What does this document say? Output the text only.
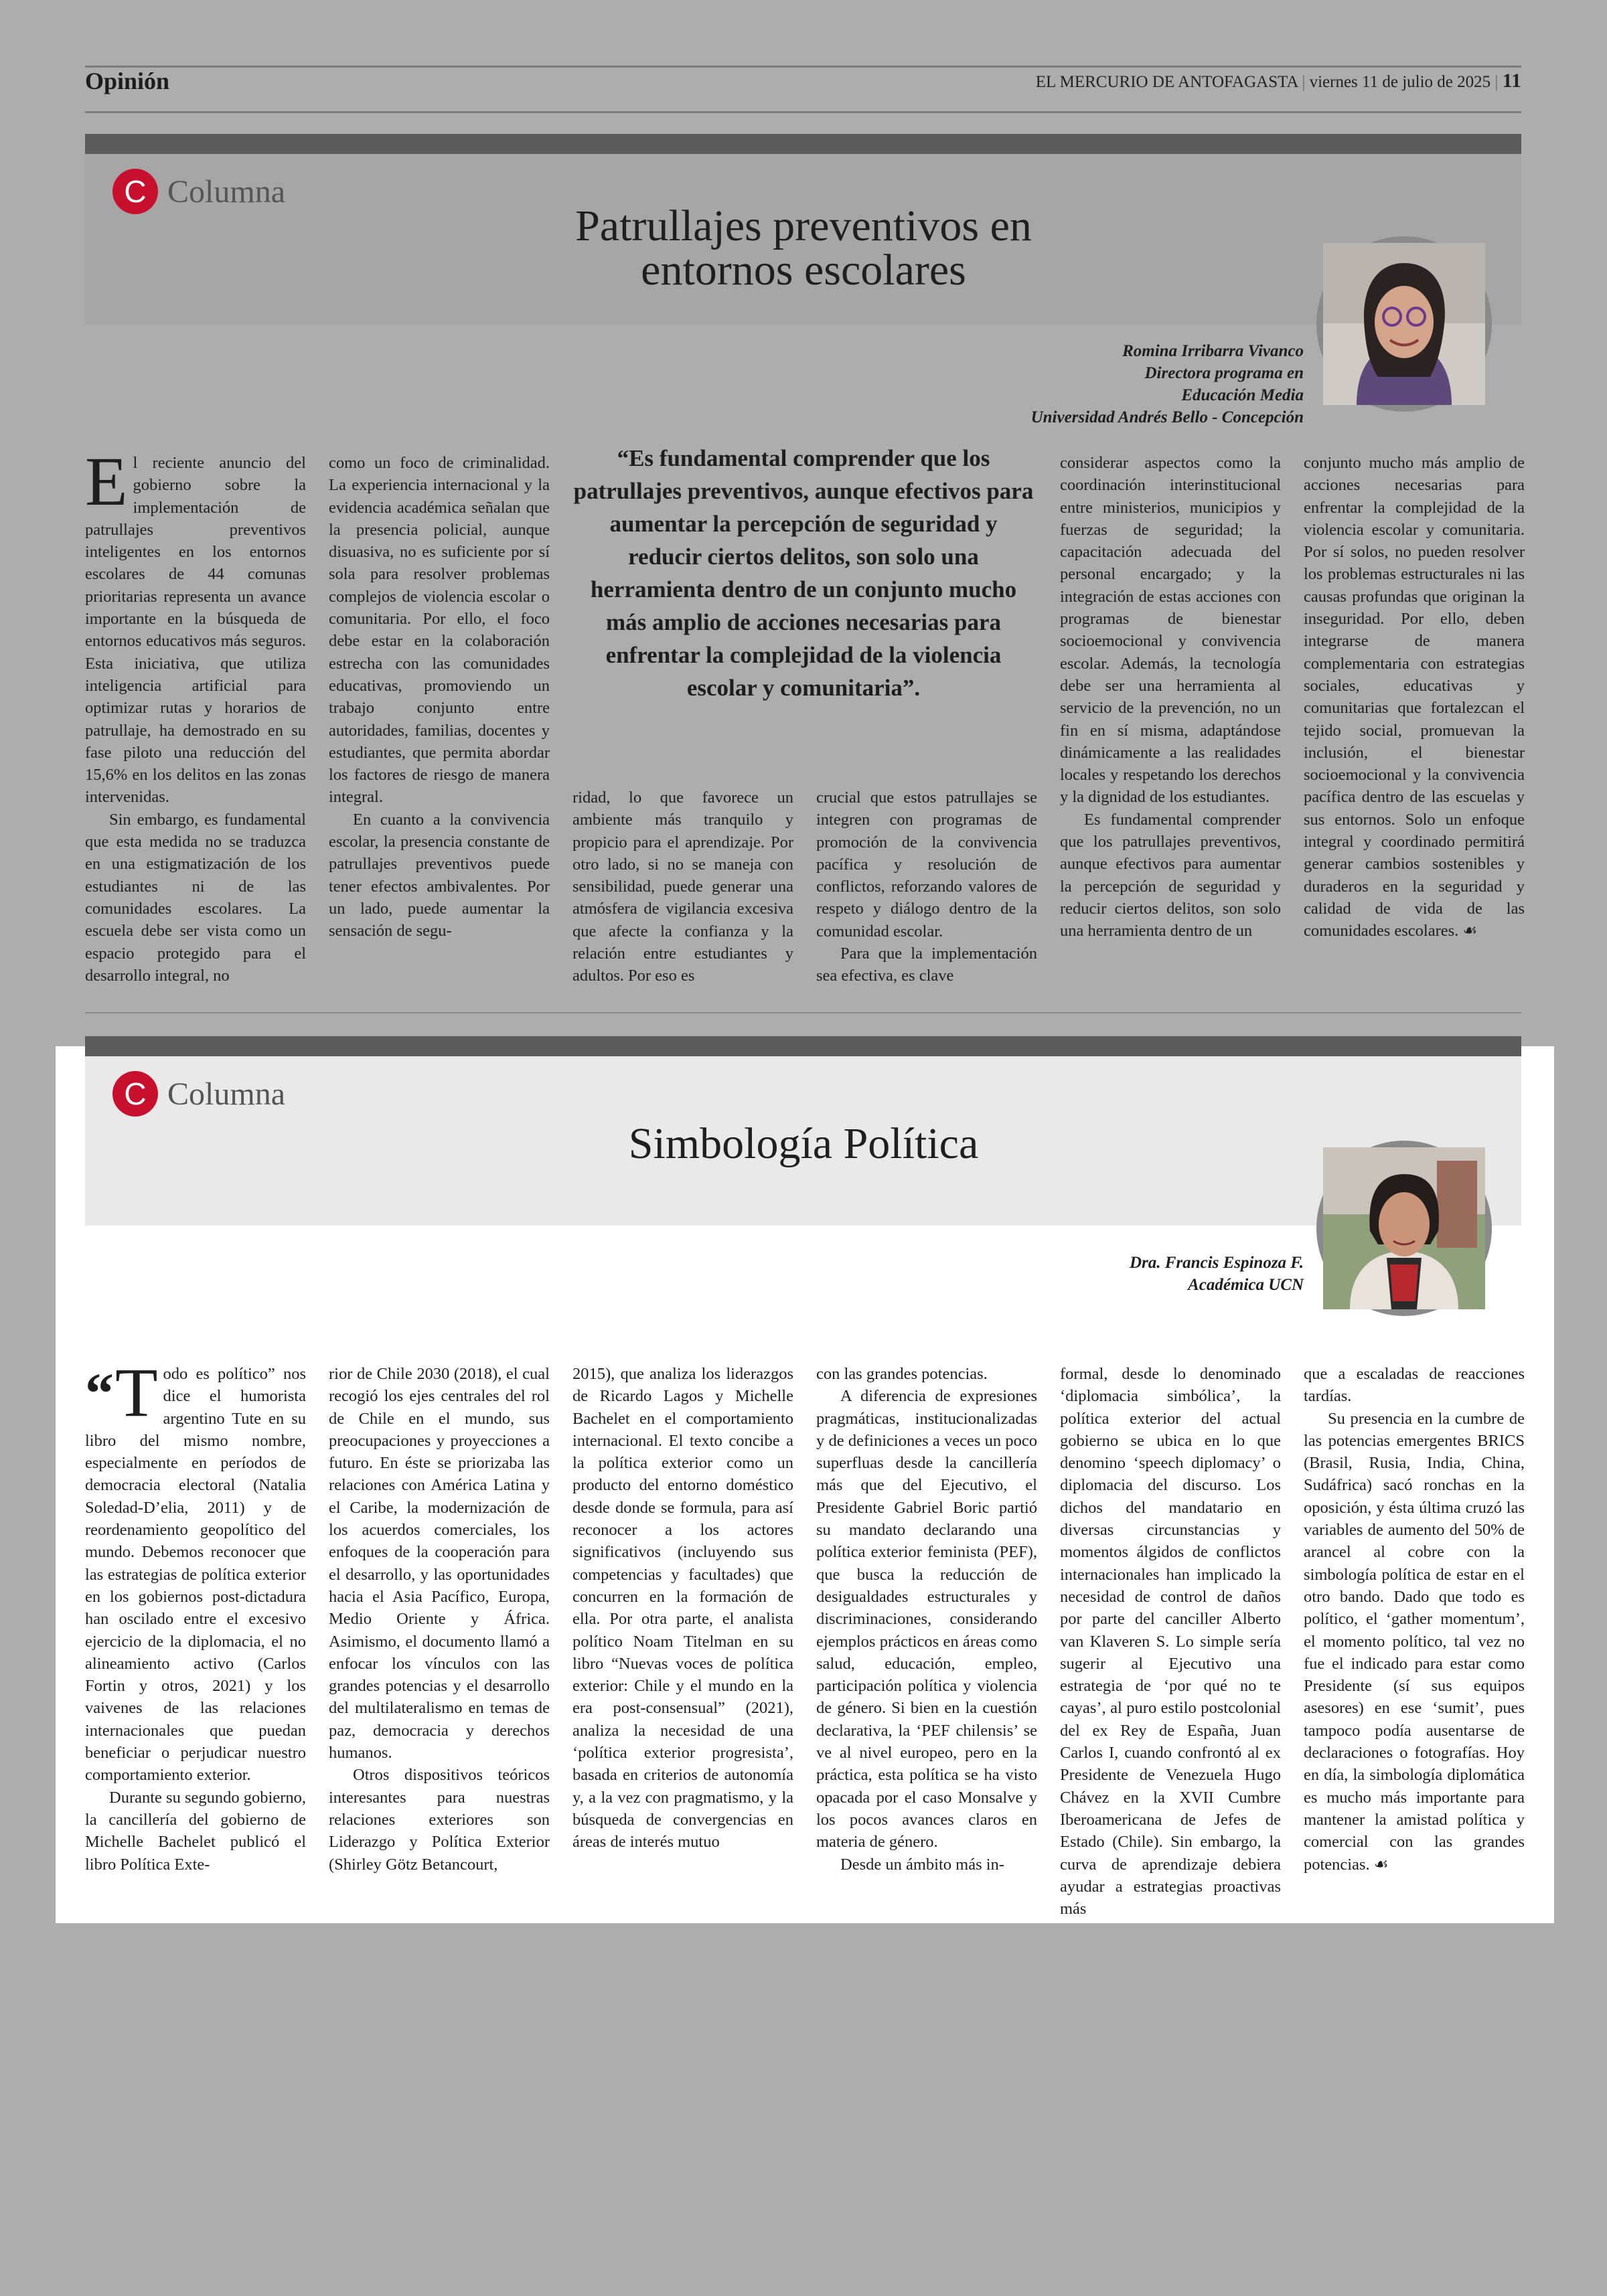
Opinión	EL MERCURIO DE ANTOFAGASTA | viernes 11 de julio de 2025 | 11
C Columna
Patrullajes preventivos en
entornos escolares
Romina Irribarra Vivanco
Directora programa en
Educación Media
Universidad Andrés Bello - Concepción

El reciente anuncio del gobierno sobre la implementación de patrullajes preventivos inteligentes en los entornos escolares de 44 comunas prioritarias representa un avance importante en la búsqueda de entornos educativos más seguros. Esta iniciativa, que utiliza inteligencia artificial para optimizar rutas y horarios de patrullaje, ha demostrado en su fase piloto una reducción del 15,6% en los delitos en las zonas intervenidas.

Sin embargo, es fundamental que esta medida no se traduzca en una estigmatización de los estudiantes ni de las comunidades escolares. La escuela debe ser vista como un espacio protegido para el desarrollo integral, no

como un foco de criminalidad. La experiencia internacional y la evidencia académica señalan que la presencia policial, aunque disuasiva, no es suficiente por sí sola para resolver problemas complejos de violencia escolar o comunitaria. Por ello, el foco debe estar en la colaboración estrecha con las comunidades educativas, promoviendo un trabajo conjunto entre autoridades, familias, docentes y estudiantes, que permita abordar los factores de riesgo de manera integral.

En cuanto a la convivencia escolar, la presencia constante de patrullajes preventivos puede tener efectos ambivalentes. Por un lado, puede aumentar la sensación de segu-

“Es fundamental comprender que los patrullajes preventivos, aunque efectivos para aumentar la percepción de seguridad y reducir ciertos delitos, son solo una herramienta dentro de un conjunto mucho más amplio de acciones necesarias para enfrentar la complejidad de la violencia escolar y comunitaria”.

ridad, lo que favorece un ambiente más tranquilo y propicio para el aprendizaje. Por otro lado, si no se maneja con sensibilidad, puede generar una atmósfera de vigilancia excesiva que afecte la confianza y la relación entre estudiantes y adultos. Por eso es

crucial que estos patrullajes se integren con programas de promoción de la convivencia pacífica y resolución de conflictos, reforzando valores de respeto y diálogo dentro de la comunidad escolar.

Para que la implementación sea efectiva, es clave

considerar aspectos como la coordinación interinstitucional entre ministerios, municipios y fuerzas de seguridad; la capacitación adecuada del personal encargado; y la integración de estas acciones con programas de bienestar socioemocional y convivencia escolar. Además, la tecnología debe ser una herramienta al servicio de la prevención, no un fin en sí misma, adaptándose dinámicamente a las realidades locales y respetando los derechos y la dignidad de los estudiantes.

Es fundamental comprender que los patrullajes preventivos, aunque efectivos para aumentar la percepción de seguridad y reducir ciertos delitos, son solo una herramienta dentro de un

conjunto mucho más amplio de acciones necesarias para enfrentar la complejidad de la violencia escolar y comunitaria. Por sí solos, no pueden resolver los problemas estructurales ni las causas profundas que originan la inseguridad. Por ello, deben integrarse de manera complementaria con estrategias sociales, educativas y comunitarias que fortalezcan el tejido social, promuevan la inclusión, el bienestar socioemocional y la convivencia pacífica dentro de las escuelas y sus entornos. Solo un enfoque integral y coordinado permitirá generar cambios sostenibles y duraderos en la seguridad y calidad de vida de las comunidades escolares. ☙

C Columna
Simbología Política
Dra. Francis Espinoza F.
Académica UCN

“ T odo es político” nos dice el humorista argentino Tute en su libro del mismo nombre, especialmente en períodos de democracia electoral (Natalia Soledad-D’elia, 2011) y de reordenamiento geopolítico del mundo. Debemos reconocer que las estrategias de política exterior en los gobiernos post-dictadura han oscilado entre el excesivo ejercicio de la diplomacia, el no alineamiento activo (Carlos Fortin y otros, 2021) y los vaivenes de las relaciones internacionales que puedan beneficiar o perjudicar nuestro comportamiento exterior.

Durante su segundo gobierno, la cancillería del gobierno de Michelle Bachelet publicó el libro Política Exte-

rior de Chile 2030 (2018), el cual recogió los ejes centrales del rol de Chile en el mundo, sus preocupaciones y proyecciones a futuro. En éste se priorizaba las relaciones con América Latina y el Caribe, la modernización de los acuerdos comerciales, los enfoques de la cooperación para el desarrollo, y las oportunidades hacia el Asia Pacífico, Europa, Medio Oriente y África. Asimismo, el documento llamó a enfocar los vínculos con las grandes potencias y el desarrollo del multilateralismo en temas de paz, democracia y derechos humanos.

Otros dispositivos teóricos interesantes para nuestras relaciones exteriores son Liderazgo y Política Exterior (Shirley Götz Betancourt,

2015), que analiza los liderazgos de Ricardo Lagos y Michelle Bachelet en el comportamiento internacional. El texto concibe a la política exterior como un producto del entorno doméstico desde donde se formula, para así reconocer a los actores significativos (incluyendo sus competencias y facultades) que concurren en la formación de ella. Por otra parte, el analista político Noam Titelman en su libro “Nuevas voces de política exterior: Chile y el mundo en la era post-consensual” (2021), analiza la necesidad de una ‘política exterior progresista’, basada en criterios de autonomía y, a la vez con pragmatismo, y la búsqueda de convergencias en áreas de interés mutuo

con las grandes potencias.

A diferencia de expresiones pragmáticas, institucionalizadas y de definiciones a veces un poco superfluas desde la cancillería más que del Ejecutivo, el Presidente Gabriel Boric partió su mandato declarando una política exterior feminista (PEF), que busca la reducción de desigualdades estructurales y discriminaciones, considerando ejemplos prácticos en áreas como salud, educación, empleo, participación política y violencia de género. Si bien en la cuestión declarativa, la ‘PEF chilensis’ se ve al nivel europeo, pero en la práctica, esta política se ha visto opacada por el caso Monsalve y los pocos avances claros en materia de género.

Desde un ámbito más in-

formal, desde lo denominado ‘diplomacia simbólica’, la política exterior del actual gobierno se ubica en lo que denomino ‘speech diplomacy’ o diplomacia del discurso. Los dichos del mandatario en diversas circunstancias y momentos álgidos de conflictos internacionales han implicado la necesidad de control de daños por parte del canciller Alberto van Klaveren S. Lo simple sería sugerir al Ejecutivo una estrategia de ‘por qué no te cayas’, al puro estilo postcolonial del ex Rey de España, Juan Carlos I, cuando confrontó al ex Presidente de Venezuela Hugo Chávez en la XVII Cumbre Iberoamericana de Jefes de Estado (Chile). Sin embargo, la curva de aprendizaje debiera ayudar a estrategias proactivas más

que a escaladas de reacciones tardías.

Su presencia en la cumbre de las potencias emergentes BRICS (Brasil, Rusia, India, China, Sudáfrica) sacó ronchas en la oposición, y ésta última cruzó las variables de aumento del 50% de arancel al cobre con la simbología política de estar en el otro bando. Dado que todo es político, el ‘gather momentum’, el momento político, tal vez no fue el indicado para estar como Presidente (sí sus equipos asesores) en ese ‘sumit’, pues tampoco podía ausentarse de declaraciones o fotografías. Hoy en día, la simbología diplomática es mucho más importante para mantener la amistad política y comercial con las grandes potencias. ☙
